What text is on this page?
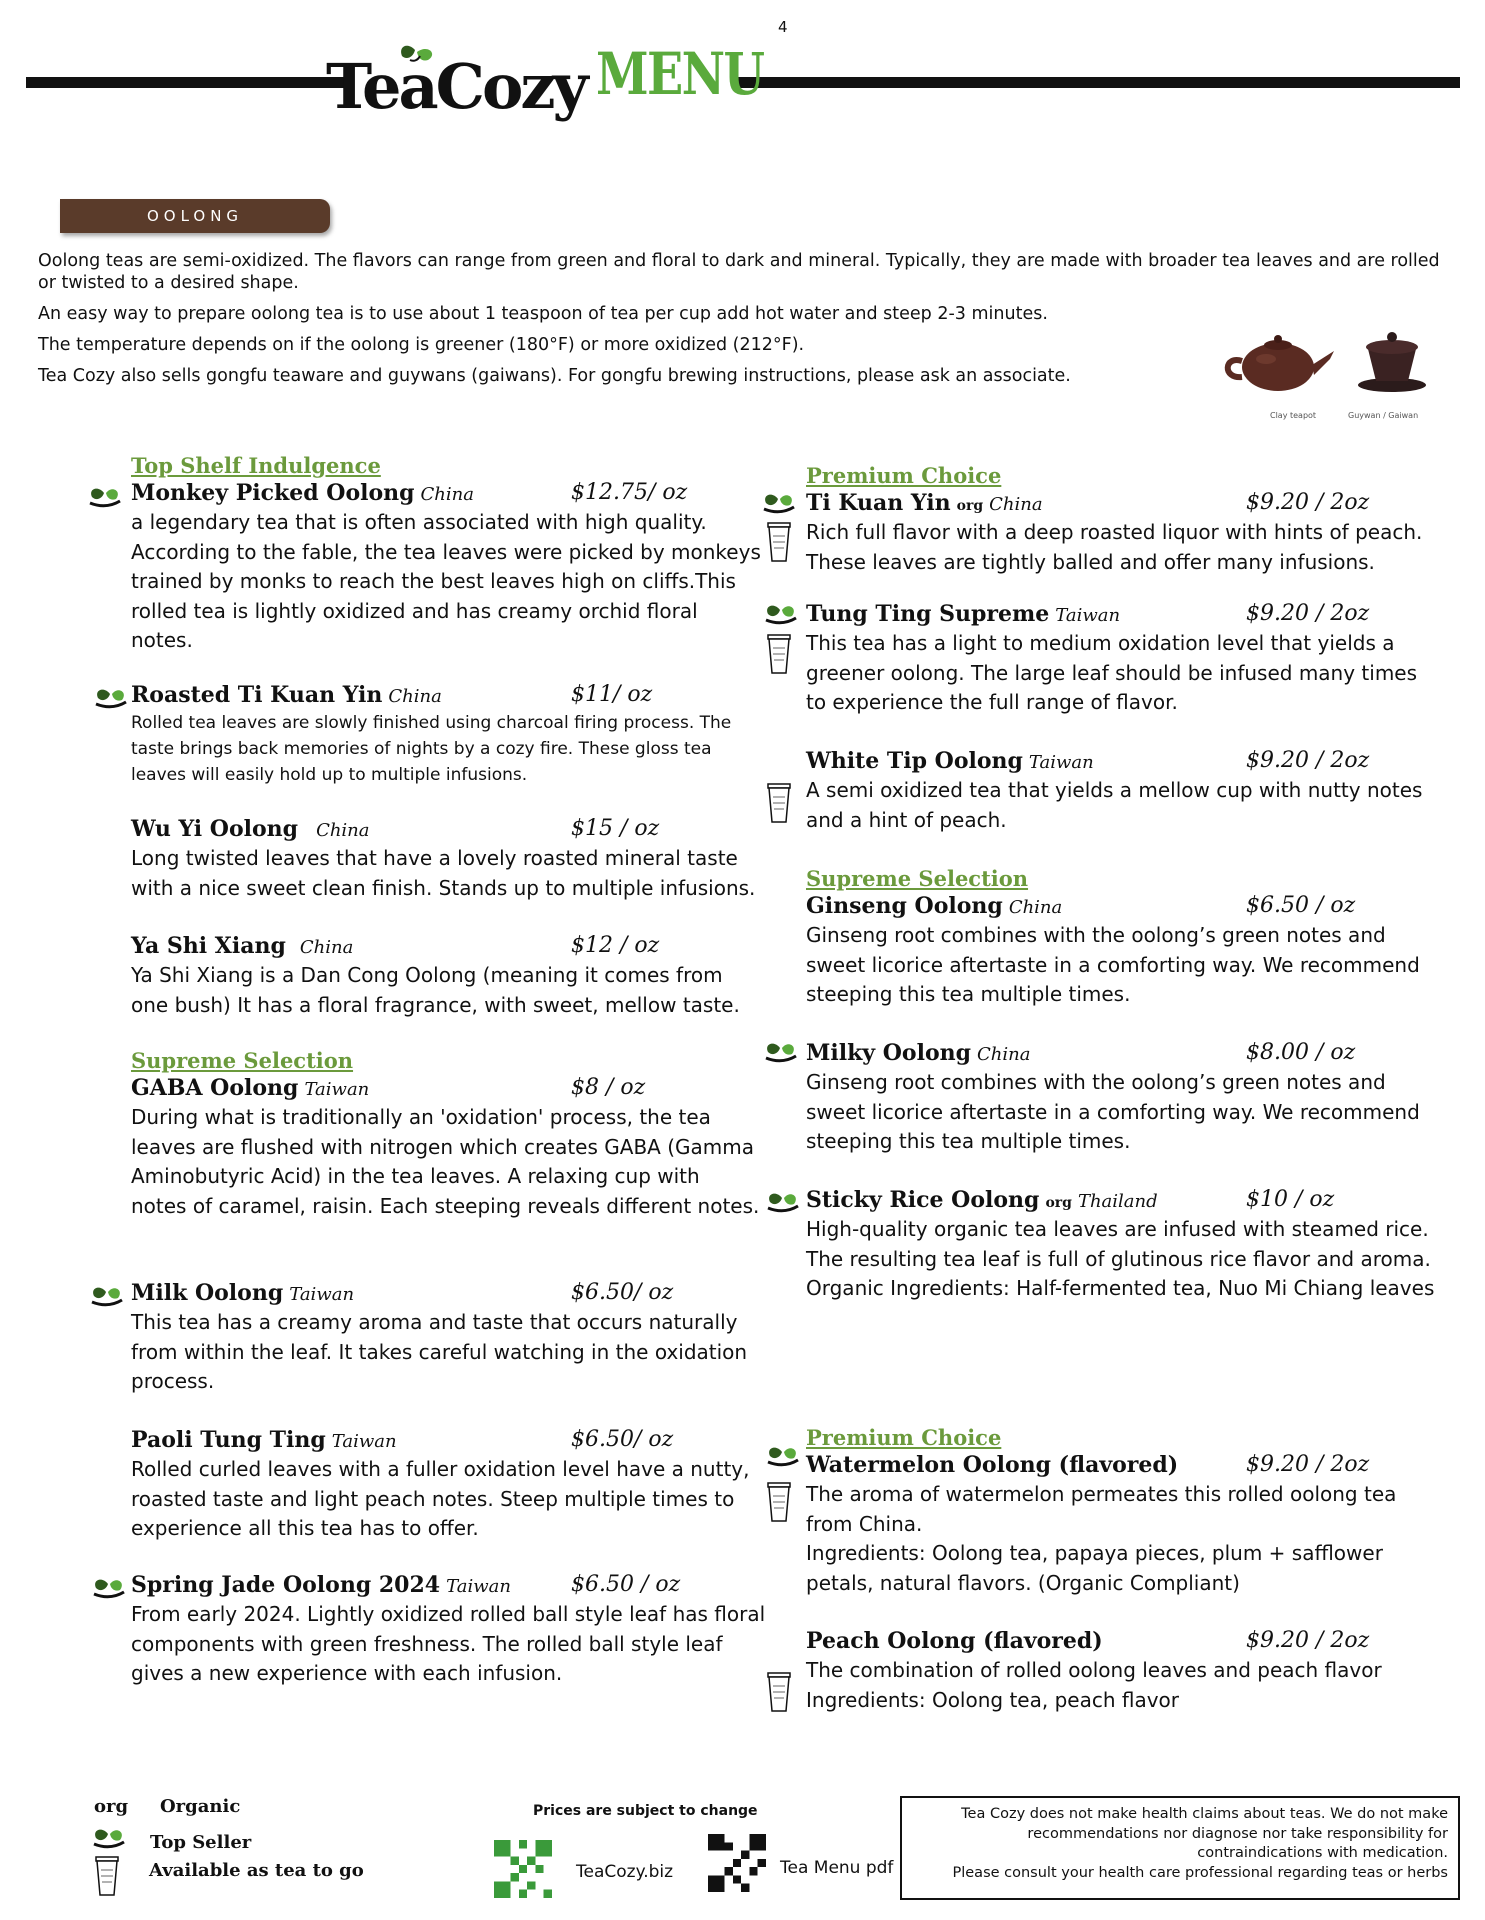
4
TeaCozy MENU
OOLONG

Oolong teas are semi-oxidized. The flavors can range from green and floral to dark and mineral. Typically, they are made with broader tea leaves and are rolled or twisted to a desired shape.

An easy way to prepare oolong tea is to use about 1 teaspoon of tea per cup add hot water and steep 2-3 minutes.

The temperature depends on if the oolong is greener (180°F) or more oxidized (212°F).

Tea Cozy also sells gongfu teaware and guywans (gaiwans). For gongfu brewing instructions, please ask an associate.

Clay teapot	Guywan / Gaiwan
Top Shelf Indulgence
Monkey Picked Oolong China	$12.75/ oz
a legendary tea that is often associated with high quality. According to the fable, the tea leaves were picked by monkeys trained by monks to reach the best leaves high on cliffs.This rolled tea is lightly oxidized and has creamy orchid floral notes.
Roasted Ti Kuan Yin China	$11/ oz
Rolled tea leaves are slowly finished using charcoal firing process. The taste brings back memories of nights by a cozy fire. These gloss tea leaves will easily hold up to multiple infusions.
Wu Yi Oolong China	$15 / oz
Long twisted leaves that have a lovely roasted mineral taste with a nice sweet clean finish. Stands up to multiple infusions.
Ya Shi Xiang China	$12 / oz
Ya Shi Xiang is a Dan Cong Oolong (meaning it comes from one bush) It has a floral fragrance, with sweet, mellow taste.
Supreme Selection
GABA Oolong Taiwan	$8 / oz
During what is traditionally an 'oxidation' process, the tea leaves are flushed with nitrogen which creates GABA (Gamma Aminobutyric Acid) in the tea leaves. A relaxing cup with notes of caramel, raisin. Each steeping reveals different notes.
Milk Oolong Taiwan	$6.50/ oz
This tea has a creamy aroma and taste that occurs naturally from within the leaf. It takes careful watching in the oxidation process.
Paoli Tung Ting Taiwan	$6.50/ oz
Rolled curled leaves with a fuller oxidation level have a nutty, roasted taste and light peach notes. Steep multiple times to experience all this tea has to offer.
Spring Jade Oolong 2024 Taiwan	$6.50 / oz
From early 2024. Lightly oxidized rolled ball style leaf has floral components with green freshness. The rolled ball style leaf gives a new experience with each infusion.
Premium Choice
Ti Kuan Yin org China	$9.20 / 2oz
Rich full flavor with a deep roasted liquor with hints of peach. These leaves are tightly balled and offer many infusions.
Tung Ting Supreme Taiwan	$9.20 / 2oz
This tea has a light to medium oxidation level that yields a greener oolong. The large leaf should be infused many times to experience the full range of flavor.
White Tip Oolong Taiwan	$9.20 / 2oz
A semi oxidized tea that yields a mellow cup with nutty notes and a hint of peach.
Supreme Selection
Ginseng Oolong China	$6.50 / oz
Ginseng root combines with the oolong’s green notes and sweet licorice aftertaste in a comforting way. We recommend steeping this tea multiple times.
Milky Oolong China	$8.00 / oz
Ginseng root combines with the oolong’s green notes and sweet licorice aftertaste in a comforting way. We recommend steeping this tea multiple times.
Sticky Rice Oolong org Thailand	$10 / oz
High-quality organic tea leaves are infused with steamed rice. The resulting tea leaf is full of glutinous rice flavor and aroma. Organic Ingredients: Half-fermented tea, Nuo Mi Chiang leaves
Premium Choice
Watermelon Oolong (flavored)	$9.20 / 2oz
The aroma of watermelon permeates this rolled oolong tea from China.
Ingredients: Oolong tea, papaya pieces, plum + safflower petals, natural flavors. (Organic Compliant)
Peach Oolong (flavored)	$9.20 / 2oz
The combination of rolled oolong leaves and peach flavor
Ingredients: Oolong tea, peach flavor
org Organic
Top Seller
Available as tea to go
Prices are subject to change
TeaCozy.biz	Tea Menu pdf
Tea Cozy does not make health claims about teas. We do not make
recommendations nor diagnose nor take responsibility for
contraindications with medication.
Please consult your health care professional regarding teas or herbs
